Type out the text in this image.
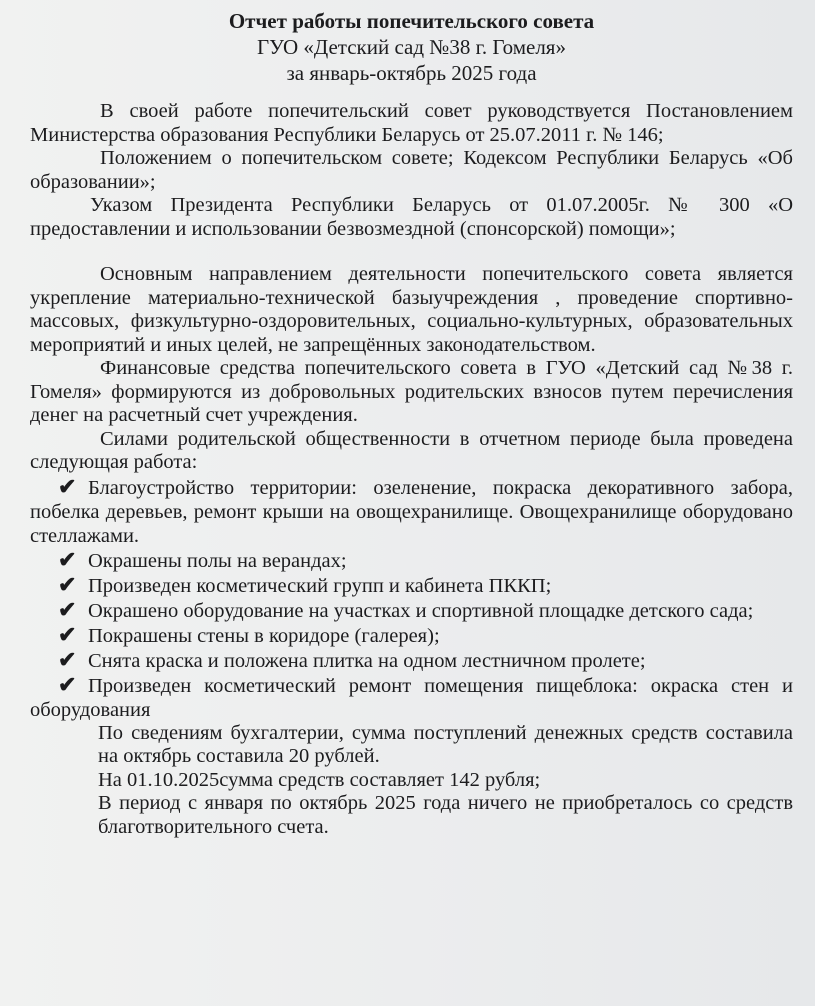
Отчет работы попечительского совета
ГУО «Детский сад №38 г. Гомеля»
за январь-октябрь 2025 года

В своей работе попечительский совет руководствуется Постановлением Министерства образования Республики Беларусь от 25.07.2011 г. № 146;

Положением о попечительском совете; Кодексом Республики Беларусь «Об образовании»;

Указом Президента Республики Беларусь от 01.07.2005г. № 300 «О предоставлении и использовании безвозмездной (спонсорской) помощи»;

Основным направлением деятельности попечительского совета является укрепление материально-технической базыучреждения , проведение спортивно-массовых, физкультурно-оздоровительных, социально-культурных, образовательных мероприятий и иных целей, не запрещённых законодательством.

Финансовые средства попечительского совета в ГУО «Детский сад №38 г. Гомеля» формируются из добровольных родительских взносов путем перечисления денег на расчетный счет учреждения.

Силами родительской общественности в отчетном периоде была проведена следующая работа:

✔ Благоустройство территории: озеленение, покраска декоративного забора, побелка деревьев, ремонт крыши на овощехранилище. Овощехранилище оборудовано стеллажами.
✔ Окрашены полы на верандах;
✔ Произведен косметический групп и кабинета ПККП;
✔ Окрашено оборудование на участках и спортивной площадке детского сада;
✔ Покрашены стены в коридоре (галерея);
✔ Снята краска и положена плитка на одном лестничном пролете;
✔ Произведен косметический ремонт помещения пищеблока: окраска стен и оборудования

По сведениям бухгалтерии, сумма поступлений денежных средств составила на октябрь составила 20 рублей.

На 01.10.2025сумма средств составляет 142 рубля;

В период с января по октябрь 2025 года ничего не приобреталось со средств благотворительного счета.
